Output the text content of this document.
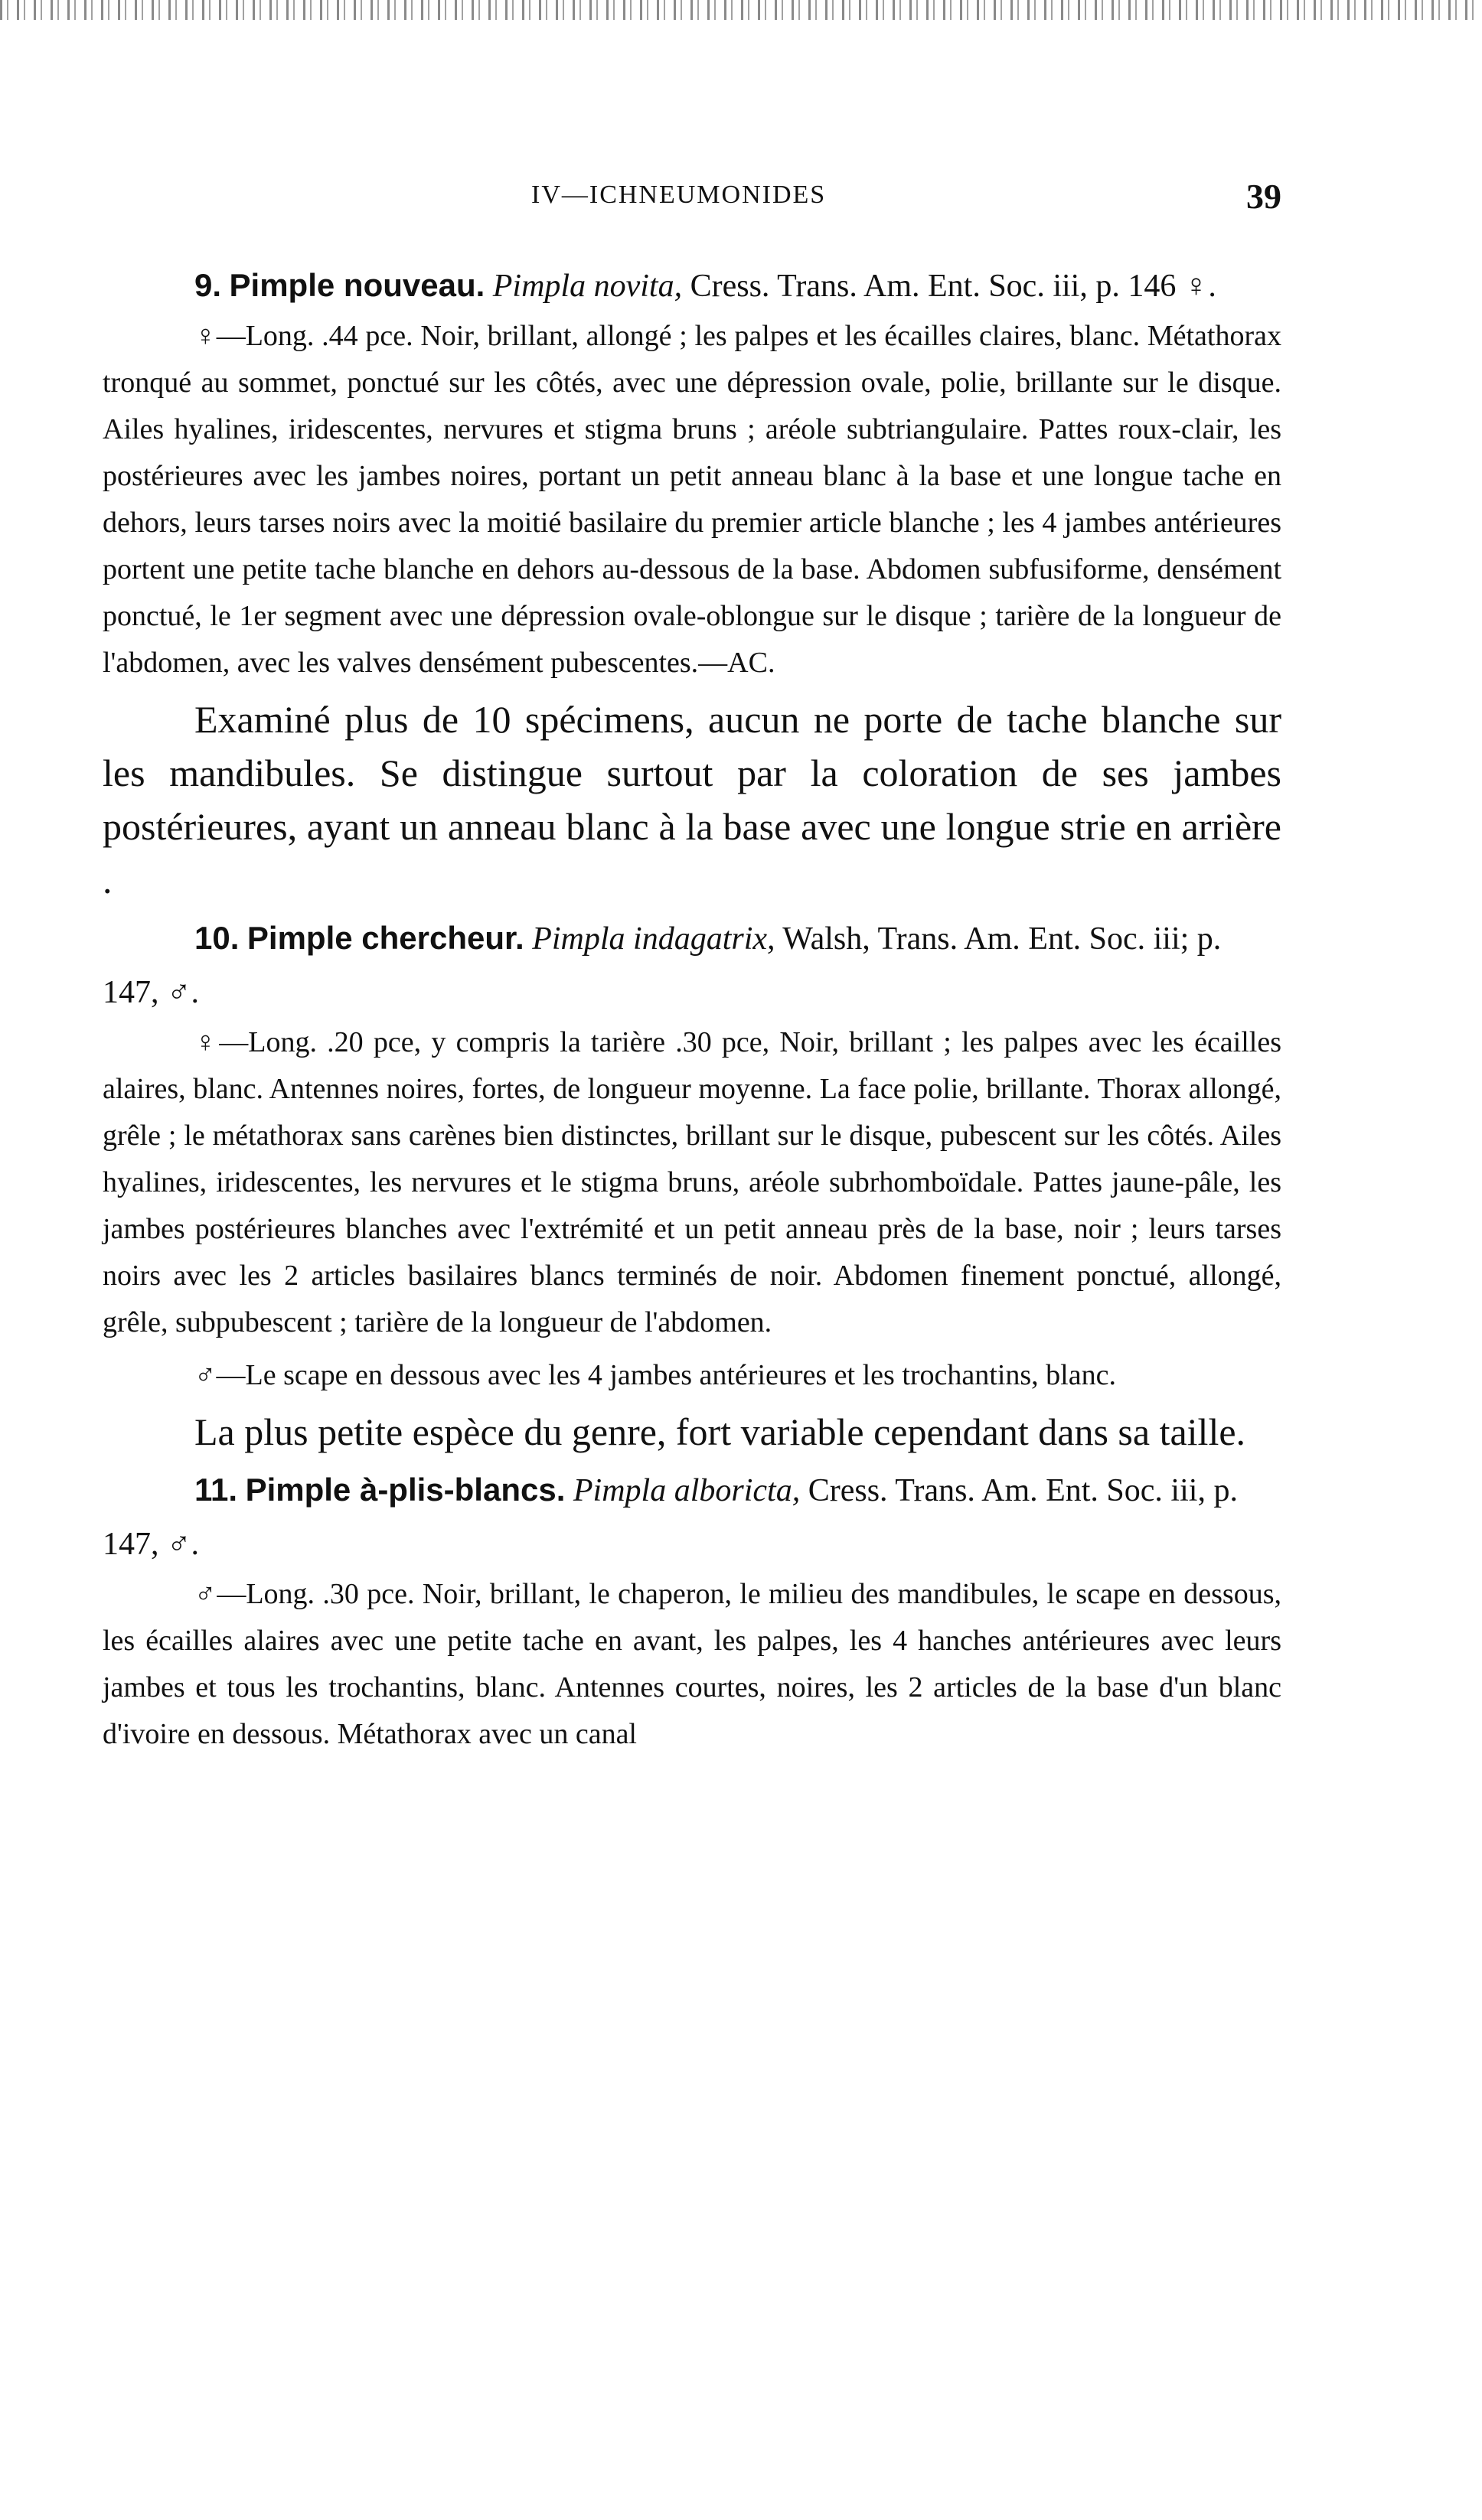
IV—ICHNEUMONIDES	39

9. Pimple nouveau. Pimpla novita, Cress. Trans. Am. Ent. Soc. iii, p. 146 ♀.

♀—Long. .44 pce. Noir, brillant, allongé ; les palpes et les écailles claires, blanc. Métathorax tronqué au sommet, ponctué sur les côtés, avec une dépression ovale, polie, brillante sur le disque. Ailes hyalines, iridescentes, nervures et stigma bruns ; aréole subtriangulaire. Pattes roux-clair, les postérieures avec les jambes noires, portant un petit anneau blanc à la base et une longue tache en dehors, leurs tarses noirs avec la moitié basilaire du premier article blanche ; les 4 jambes antérieures portent une petite tache blanche en dehors au-dessous de la base. Abdomen subfusiforme, densément ponctué, le 1er segment avec une dépression ovale-oblongue sur le disque ; tarière de la longueur de l'abdomen, avec les valves densément pubescentes.—AC.

Examiné plus de 10 spécimens, aucun ne porte de tache blanche sur les mandibules. Se distingue surtout par la coloration de ses jambes postérieures, ayant un anneau blanc à la base avec une longue strie en arrière .

10. Pimple chercheur. Pimpla indagatrix, Walsh, Trans. Am. Ent. Soc. iii; p. 147, ♂.

♀—Long. .20 pce, y compris la tarière .30 pce, Noir, brillant ; les palpes avec les écailles alaires, blanc. Antennes noires, fortes, de longueur moyenne. La face polie, brillante. Thorax allongé, grêle ; le métathorax sans carènes bien distinctes, brillant sur le disque, pubescent sur les côtés. Ailes hyalines, iridescentes, les nervures et le stigma bruns, aréole subrhomboïdale. Pattes jaune-pâle, les jambes postérieures blanches avec l'extrémité et un petit anneau près de la base, noir ; leurs tarses noirs avec les 2 articles basilaires blancs terminés de noir. Abdomen finement ponctué, allongé, grêle, subpubescent ; tarière de la longueur de l'abdomen.

♂—Le scape en dessous avec les 4 jambes antérieures et les trochantins, blanc.

La plus petite espèce du genre, fort variable cependant dans sa taille.

11. Pimple à-plis-blancs. Pimpla alboricta, Cress. Trans. Am. Ent. Soc. iii, p. 147, ♂.

♂—Long. .30 pce. Noir, brillant, le chaperon, le milieu des mandibules, le scape en dessous, les écailles alaires avec une petite tache en avant, les palpes, les 4 hanches antérieures avec leurs jambes et tous les trochantins, blanc. Antennes courtes, noires, les 2 articles de la base d'un blanc d'ivoire en dessous. Métathorax avec un canal
